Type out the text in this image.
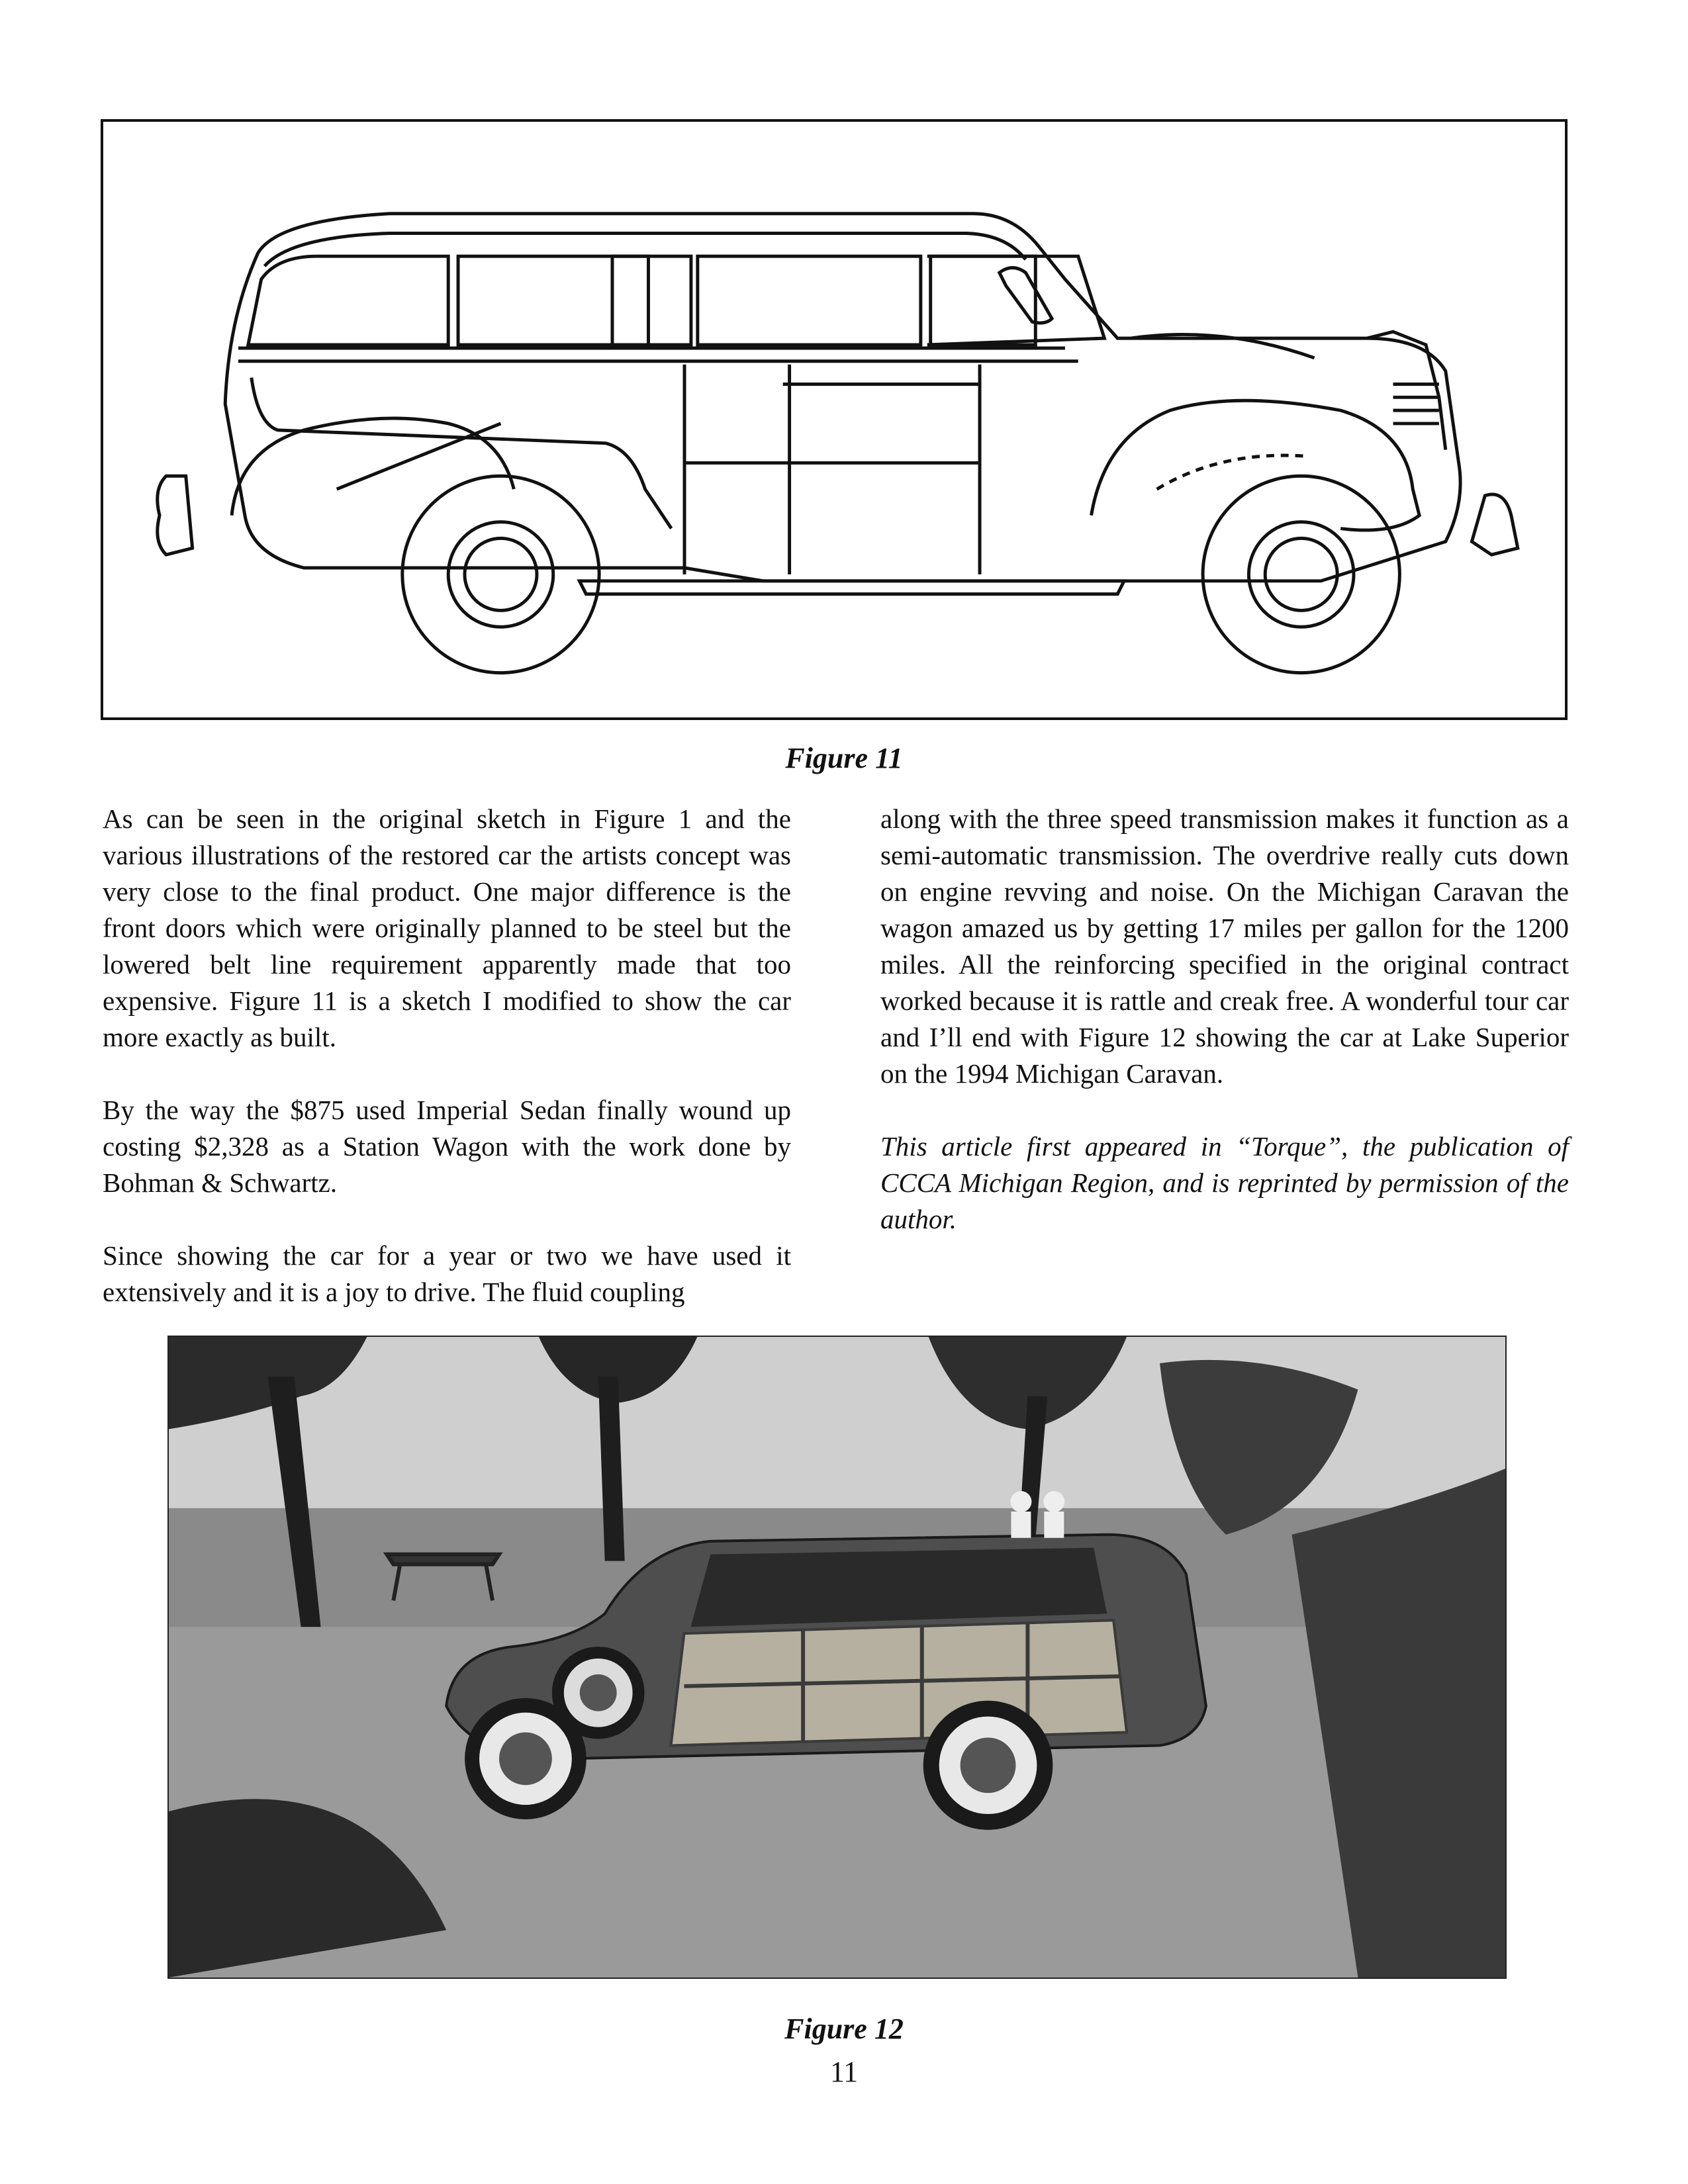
Figure 11

As can be seen in the original sketch in Figure 1 and the various illustrations of the restored car the artists concept was very close to the final product. One major difference is the front doors which were originally planned to be steel but the lowered belt line requirement apparently made that too expensive. Figure 11 is a sketch I modified to show the car more exactly as built.

By the way the $875 used Imperial Sedan finally wound up costing $2,328 as a Station Wagon with the work done by Bohman & Schwartz.

Since showing the car for a year or two we have used it extensively and it is a joy to drive. The fluid coupling

along with the three speed transmission makes it function as a semi-automatic transmission. The overdrive really cuts down on engine revving and noise. On the Michigan Caravan the wagon amazed us by getting 17 miles per gallon for the 1200 miles. All the reinforcing specified in the original contract worked because it is rattle and creak free. A wonderful tour car and I’ll end with Figure 12 showing the car at Lake Superior on the 1994 Michigan Caravan.

This article first appeared in “Torque”, the publication of CCCA Michigan Region, and is reprinted by permission of the author.

Figure 12
11
